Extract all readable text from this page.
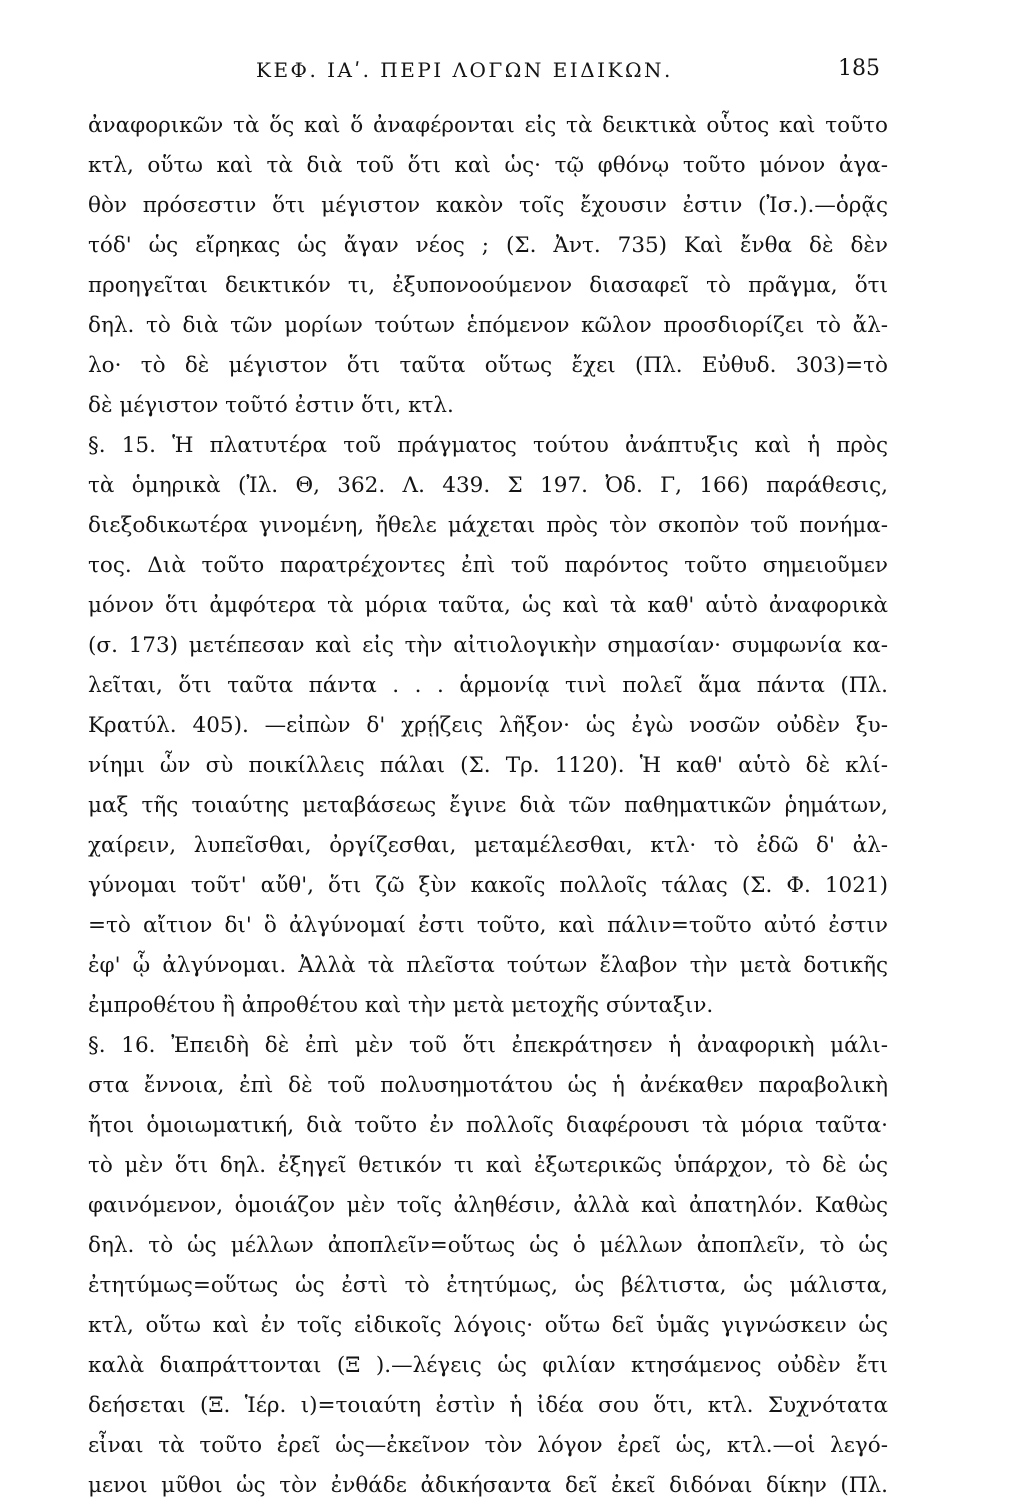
ΚΕΦ. ΙΑʹ. ΠΕΡΙ ΛΟΓΩΝ ΕΙΔΙΚΩΝ.	185
ἀναφορικῶν τὰ ὅς καὶ ὅ ἀναφέρονται εἰς τὰ δεικτικὰ οὗτος καὶ τοῦτο
κτλ, οὕτω καὶ τὰ διὰ τοῦ ὅτι καὶ ὡς· τῷ φθόνῳ τοῦτο μόνον ἀγα-
θὸν πρόσεστιν ὅτι μέγιστον κακὸν τοῖς ἔχουσιν ἐστιν (Ἰσ.).—ὁρᾷς
τόδ' ὡς εἴρηκας ὡς ἄγαν νέος ; (Σ. Ἀντ. 735) Καὶ ἔνθα δὲ δὲν
προηγεῖται δεικτικόν τι, ἐξυπονοούμενον διασαφεῖ τὸ πρᾶγμα, ὅτι
δηλ. τὸ διὰ τῶν μορίων τούτων ἑπόμενον κῶλον προσδιορίζει τὸ ἄλ-
λο· τὸ δὲ μέγιστον ὅτι ταῦτα οὕτως ἔχει (Πλ. Εὐθυδ. 303)=τὸ
δὲ μέγιστον τοῦτό ἐστιν ὅτι, κτλ.
§. 15. Ἡ πλατυτέρα τοῦ πράγματος τούτου ἀνάπτυξις καὶ ἡ πρὸς
τὰ ὁμηρικὰ (Ἰλ. Θ, 362. Λ. 439. Σ 197. Ὀδ. Γ, 166) παράθεσις,
διεξοδικωτέρα γινομένη, ἤθελε μάχεται πρὸς τὸν σκοπὸν τοῦ πονήμα-
τος. Διὰ τοῦτο παρατρέχοντες ἐπὶ τοῦ παρόντος τοῦτο σημειοῦμεν
μόνον ὅτι ἀμφότερα τὰ μόρια ταῦτα, ὡς καὶ τὰ καθ' αὑτὸ ἀναφορικὰ
(σ. 173) μετέπεσαν καὶ εἰς τὴν αἰτιολογικὴν σημασίαν· συμφωνία κα-
λεῖται, ὅτι ταῦτα πάντα . . . ἁρμονίᾳ τινὶ πολεῖ ἅμα πάντα (Πλ.
Κρατύλ. 405). —εἰπὼν δ' χρῄζεις λῆξον· ὡς ἐγὼ νοσῶν οὐδὲν ξυ-
νίημι ὧν σὺ ποικίλλεις πάλαι (Σ. Τρ. 1120). Ἡ καθ' αὑτὸ δὲ κλί-
μαξ τῆς τοιαύτης μεταβάσεως ἔγινε διὰ τῶν παθηματικῶν ῥημάτων,
χαίρειν, λυπεῖσθαι, ὀργίζεσθαι, μεταμέλεσθαι, κτλ· τὸ ἐδῶ δ' ἀλ-
γύνομαι τοῦτ' αὔθ', ὅτι ζῶ ξὺν κακοῖς πολλοῖς τάλας (Σ. Φ. 1021)
=τὸ αἴτιον δι' ὃ ἀλγύνομαί ἐστι τοῦτο, καὶ πάλιν=τοῦτο αὐτό ἐστιν
ἐφ' ᾧ ἀλγύνομαι. Ἀλλὰ τὰ πλεῖστα τούτων ἔλαβον τὴν μετὰ δοτικῆς
ἐμπροθέτου ἢ ἀπροθέτου καὶ τὴν μετὰ μετοχῆς σύνταξιν.
§. 16. Ἐπειδὴ δὲ ἐπὶ μὲν τοῦ ὅτι ἐπεκράτησεν ἡ ἀναφορικὴ μάλι-
στα ἔννοια, ἐπὶ δὲ τοῦ πολυσημοτάτου ὡς ἡ ἀνέκαθεν παραβολικὴ
ἤτοι ὁμοιωματική, διὰ τοῦτο ἐν πολλοῖς διαφέρουσι τὰ μόρια ταῦτα·
τὸ μὲν ὅτι δηλ. ἐξηγεῖ θετικόν τι καὶ ἐξωτερικῶς ὑπάρχον, τὸ δὲ ὡς
φαινόμενον, ὁμοιάζον μὲν τοῖς ἀληθέσιν, ἀλλὰ καὶ ἀπατηλόν. Καθὼς
δηλ. τὸ ὡς μέλλων ἀποπλεῖν=οὕτως ὡς ὁ μέλλων ἀποπλεῖν, τὸ ὡς
ἐτητύμως=οὕτως ὡς ἐστὶ τὸ ἐτητύμως, ὡς βέλτιστα, ὡς μάλιστα,
κτλ, οὕτω καὶ ἐν τοῖς εἰδικοῖς λόγοις· οὕτω δεῖ ὑμᾶς γιγνώσκειν ὡς
καλὰ διαπράττονται (Ξ ).—λέγεις ὡς φιλίαν κτησάμενος οὐδὲν ἔτι
δεήσεται (Ξ. Ἱέρ. ι)=τοιαύτη ἐστὶν ἡ ἰδέα σου ὅτι, κτλ. Συχνότατα
εἶναι τὰ τοῦτο ἐρεῖ ὡς—ἐκεῖνον τὸν λόγον ἐρεῖ ὡς, κτλ.—οἱ λεγό-
μενοι μῦθοι ὡς τὸν ἐνθάδε ἀδικήσαντα δεῖ ἐκεῖ διδόναι δίκην (Πλ.
